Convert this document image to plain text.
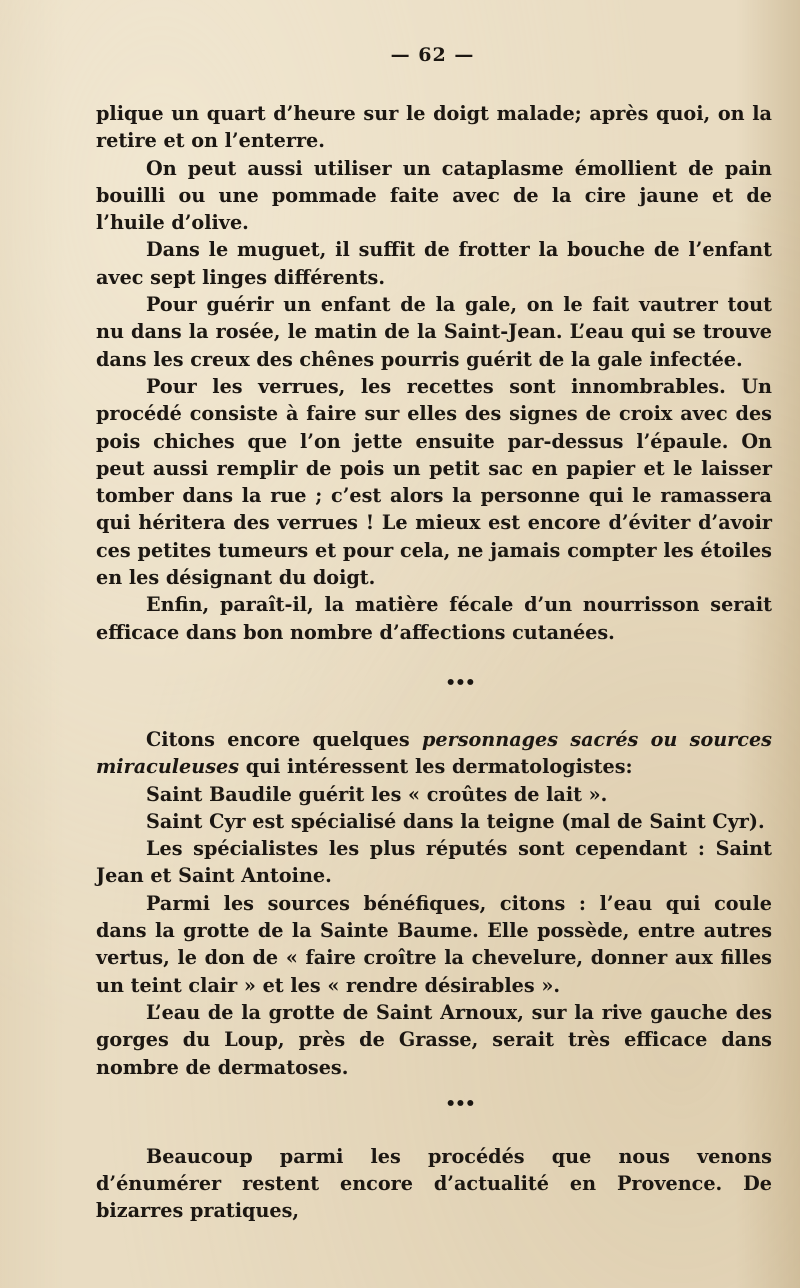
— 62 —

plique un quart d’heure sur le doigt malade; après quoi, on la retire et on l’enterre.

On peut aussi utiliser un cataplasme émollient de pain bouilli ou une pommade faite avec de la cire jaune et de l’huile d’olive.

Dans le muguet, il suffit de frotter la bouche de l’enfant avec sept linges différents.

Pour guérir un enfant de la gale, on le fait vautrer tout nu dans la rosée, le matin de la Saint-Jean. L’eau qui se trouve dans les creux des chênes pourris guérit de la gale infectée.

Pour les verrues, les recettes sont innombrables. Un procédé consiste à faire sur elles des signes de croix avec des pois chiches que l’on jette ensuite par-dessus l’épaule. On peut aussi remplir de pois un petit sac en papier et le laisser tomber dans la rue ; c’est alors la personne qui le ramassera qui héritera des verrues ! Le mieux est encore d’éviter d’avoir ces petites tumeurs et pour cela, ne jamais compter les étoiles en les désignant du doigt.

Enfin, paraît-il, la matière fécale d’un nourrisson serait efficace dans bon nombre d’affections cutanées.

•••

Citons encore quelques personnages sacrés ou sources miraculeuses qui intéressent les dermatologistes:

Saint Baudile guérit les « croûtes de lait ».

Saint Cyr est spécialisé dans la teigne (mal de Saint Cyr).

Les spécialistes les plus réputés sont cependant : Saint Jean et Saint Antoine.

Parmi les sources bénéfiques, citons : l’eau qui coule dans la grotte de la Sainte Baume. Elle possède, entre autres vertus, le don de « faire croître la chevelure, donner aux filles un teint clair » et les « rendre désirables ».

L’eau de la grotte de Saint Arnoux, sur la rive gauche des gorges du Loup, près de Grasse, serait très efficace dans nombre de dermatoses.

•••

Beaucoup parmi les procédés que nous venons d’énumérer restent encore d’actualité en Provence. De bizarres pratiques,
